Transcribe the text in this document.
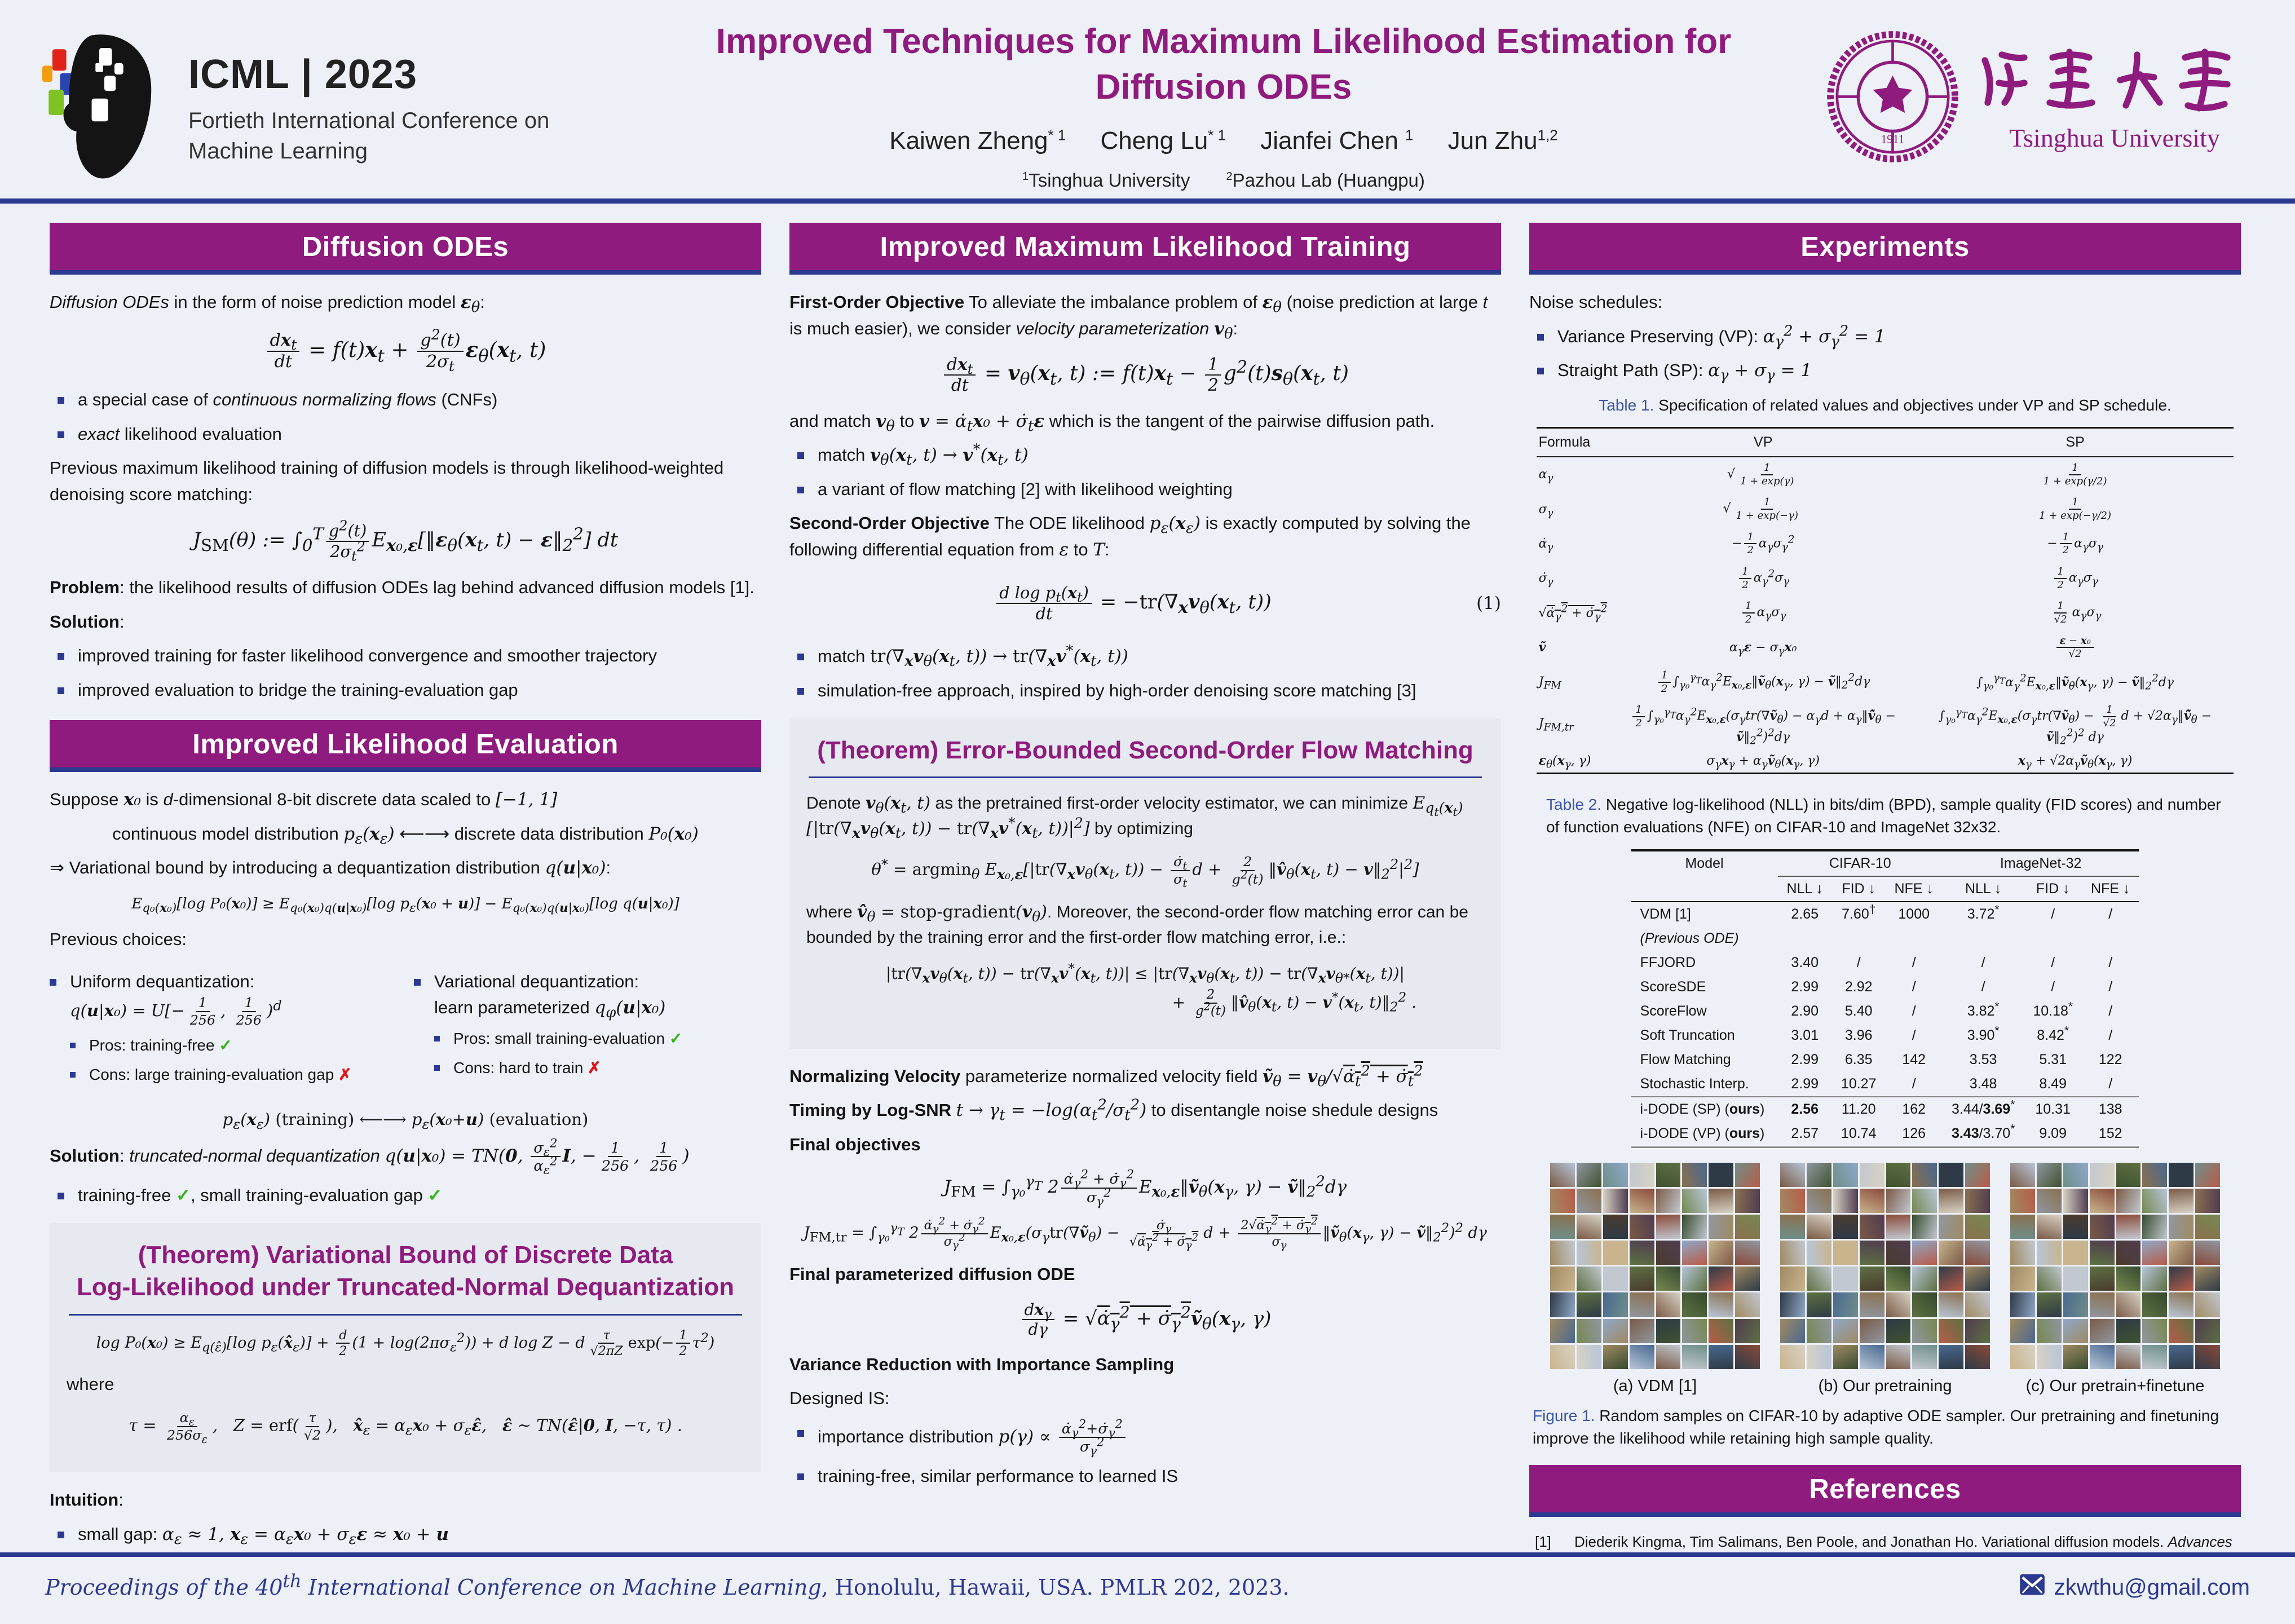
ICML | 2023
Fortieth International Conference on
Machine Learning
Improved Techniques for Maximum Likelihood Estimation for
Diffusion ODEs
Kaiwen Zheng$^{* 1}$     Cheng Lu$^{* 1}$     Jianfei Chen $^1$     Jun Zhu$^{1,2}$
$^1$Tsinghua University       $^2$Pazhou Lab (Huangpu)
1911	Tsinghua University
Diffusion ODEs
Diffusion ODEs in the form of noise prediction model $\varepsilon_\theta$:
$\frac{dx_t}{dt} = f(t)x_t + \frac{g^2(t)}{2\sigma_t} \varepsilon_\theta(x_t$, t)
a special case of continuous normalizing flows (CNFs)
exact likelihood evaluation
Previous maximum likelihood training of diffusion models is through likelihood-weighted denoising score matching:
$J_{SM}(\theta)$ := $\int_0^T \frac{g^2(t)}{2\sigma_t^2}$ $E_{x_0,\varepsilon}[‖\varepsilon_\theta(x_t$, $t) - \varepsilon‖_2^2$] dt
Problem: the likelihood results of diffusion ODEs lag behind advanced diffusion models [1].
Solution:
improved training for faster likelihood convergence and smoother trajectory
improved evaluation to bridge the training-evaluation gap
Improved Likelihood Evaluation
Suppose x₀ is d-dimensional 8-bit discrete data scaled to [−1, 1]
continuous model distribution $p_\varepsilon(x_\varepsilon)$ ⟵⟶ discrete data distribution P₀(x₀)
⇒ Variational bound by introducing a dequantization distribution q(u|x₀):
$E_{q_0(x_0)}[\log$ $P_0(x_0)] \ge E_{q_0(x_0)q(u|x_0)}[\log$ $p_\varepsilon(x_0 + u)] - E_{q_0(x_0)q(u|x_0)}[\log$ q(u|x₀)]
Previous choices:
Uniform dequantization:
$q(u|x_0) = U[- \frac{1}{256}$ , $\frac{1}{256} )^d$
Pros: training-free ✓
Cons: large training-evaluation gap ✗
Variational dequantization:
learn parameterized $q_\varphi(u|x_0)$
Pros: small training-evaluation ✓
Cons: hard to train ✗
$p_\varepsilon(x_\varepsilon)$ (training) ⟵⟶ $p_\varepsilon(x_0+u)$ (evaluation)
Solution: truncated-normal dequantization q(u|x₀) = TN(0, $\frac{\sigma_\varepsilon^2}{\alpha_\varepsilon^2} I$, − $\frac{1}{256}$ , $\frac{1}{256}$ )
training-free ✓, small training-evaluation gap ✓
(Theorem) Variational Bound of Discrete Data
Log-Likelihood under Truncated-Normal Dequantization
$\log P_0(x_0) \ge E_{q(\varepsilon̂)}[\log$ $p_\varepsilon(x̂_\varepsilon)] + \frac{d}{2} (1 + \log(2\pi\sigma_\varepsilon^2)) + d$ log Z − d $\frac{\tau}{√2\pi Z} \exp(- \frac{1}{2} \tau^2)$
where
$\tau = \frac{\alpha_\varepsilon}{256\sigma_\varepsilon}$ ,   $Z = erf( \frac{\tau}{√2}$ ),   $x̂_\varepsilon = \alpha_\varepsilon x_0$ + $\sigma_\varepsilon\varepsilon̂$,   ε̂ ~ TN(ε̂|0, I, −τ, τ) .
Intuition:
small gap: $\alpha_\varepsilon \approx 1$, $x_\varepsilon = \alpha_\varepsilon x_0 + \sigma_\varepsilon\varepsilon \approx x_0 + u$
Improved Maximum Likelihood Training
First-Order Objective To alleviate the imbalance problem of $\varepsilon_\theta$ (noise prediction at large t is much easier), we consider velocity parameterization $v_\theta$:
$\frac{dx_t}{dt} = v_\theta(x_t$, t) := $f(t)x_t - \frac{1}{2} g^2(t)s_\theta(x_t$, t)
and match $v_\theta$ to $v = \alphȧ_tx_0$ + $\sigmȧ_t\varepsilon$ which is the tangent of the pairwise diffusion path.
match $v_\theta(x_t$, $t) \to v^*(x_t$, t)
a variant of flow matching [2] with likelihood weighting
Second-Order Objective The ODE likelihood $p_\varepsilon(x_\varepsilon)$ is exactly computed by solving the following differential equation from ε to T:
$\frac{d \log p_t(x_t)}{dt} = -tr(\nabla_xv_\theta(x_t$, t))	(1)
match $tr(\nabla_xv_\theta(x_t$, $t)) \to tr(\nabla_xv^*(x_t$, t))
simulation-free approach, inspired by high-order denoising score matching [3]
(Theorem) Error-Bounded Second-Order Flow Matching
Denote $v_\theta(x_t$, t) as the pretrained first-order velocity estimator, we can minimize $E_{q_t(x_t)}[|tr(\nabla_xv_\theta(x_t$, $t)) - tr(\nabla_xv^*(x_t$, $t))|^2$] by optimizing
θ* = argmin$_\theta$ $E_{x_0,\varepsilon}[|tr(\nabla_xv_\theta(x_t$, $t)) - \frac{\sigmȧ_t}{\sigma_t}$ $d + \frac{2}{g^2(t)}$ $‖v̂_\theta(x_t$, $t) - v‖_2^2|^2$]
where $v̂_\theta$ = stop-$gradient(v_\theta)$. Moreover, the second-order flow matching error can be bounded by the training error and the first-order flow matching error, i.e.:
$|tr(\nabla_xv_\theta(x_t$, $t)) - tr(\nabla_xv^*(x_t$, $t))| \le |tr(\nabla_xv_\theta(x_t$, $t)) - tr(\nabla_xv_{\theta*}(x_t$, t))|
+ $\frac{2}{g^2(t)}$ $‖v̂_\theta(x_t$, $t) - v^*(x_t$, $t)‖_2^2$ .
Normalizing Velocity parameterize normalized velocity field ṽ$_\theta$ = $v_\theta/√\alphȧ_t^2$ + $\sigmȧ_t^2$
Timing by Log-SNR $t \to \gamma_t = -\log(\alpha_t^2/\sigma_t^2)$ to disentangle noise shedule designs
Final objectives
$J_{FM} = \int_{\gamma_0}^{\gamma_T}$ $2 \frac{\alphȧ_\gamma^2 + \sigmȧ_\gamma^2}{\sigma_\gamma^2}$ $E_{x_0,\varepsilon}‖ṽ_\theta(x_\gamma$, $\gamma) - ṽ‖_2^2d\gamma$
$J_{FM,tr} = \int_{\gamma_0}^{\gamma_T}$ $2 \frac{\alphȧ_\gamma^2 + \sigmȧ_\gamma^2}{\sigma_\gamma^2}$ $E_{x_0,\varepsilon}(\sigma_\gamma tr(\nabla ṽ_\theta) - \frac{\sigmȧ_\gamma}{√\alphȧ_\gamma^2 + \sigmȧ_\gamma^2}$ $d + \frac{2√\alphȧ_\gamma^2 + \sigmȧ_\gamma^2}{\sigma_\gamma}$ $‖ṽ_\theta(x_\gamma$, $\gamma) - ṽ‖_2^2)^2$ dγ
Final parameterized diffusion ODE
$\frac{dx_\gamma}{d\gamma}$ = $√\alphȧ_\gamma^2$ + $\sigmȧ_\gamma^2ṽ_\theta(x_\gamma$, γ)
Variance Reduction with Importance Sampling
Designed IS:
importance distribution $p(\gamma) \propto \frac{\alphȧ_\gamma^2+\sigmȧ_\gamma^2}{\sigma_\gamma^2}$
training-free, similar performance to learned IS
Experiments
Noise schedules:
Variance Preserving (VP): $\alpha_\gamma^2 + \sigma_\gamma^2 = 1$
Straight Path (SP): $\alpha_\gamma + \sigma_\gamma = 1$
Table 1. Specification of related values and objectives under VP and SP schedule.
Formula	VP	SP
$\alpha_\gamma$	√ $\frac{1}{1 + \exp(\gamma)}$	$\frac{1}{1 + \exp(\gamma/2)}$

$\sigma_\gamma$	√ $\frac{1}{1 + \exp(-\gamma)}$	$\frac{1}{1 + \exp(-\gamma/2)}$

$\alphȧ_\gamma$	− $\frac{1}{2} \alpha_\gamma\sigma_\gamma^2$	− $\frac{1}{2} \alpha_\gamma\sigma_\gamma$
$\sigmȧ_\gamma$	$\frac{1}{2} \alpha_\gamma^2\sigma_\gamma$	$\frac{1}{2} \alpha_\gamma\sigma_\gamma$
$√\alphȧ_\gamma^2$ + $\sigmȧ_\gamma^2$	$\frac{1}{2} \alpha_\gamma\sigma_\gamma$	$\frac{1}{√2} \alpha_\gamma\sigma_\gamma$
ṽ	$\alpha_\gamma\varepsilon - \sigma_\gamma x_0$	$\frac{\text{ε − x₀}}{√2}$

$J_{FM}$	$\frac{1}{2}$ $\int_{\gamma_0}^{\gamma_T}\alpha_\gamma^2E_{x_0,\varepsilon}‖ṽ_\theta(x_\gamma$, $\gamma) - ṽ‖_2^2d\gamma$	$\int_{\gamma_0}^{\gamma_T}\alpha_\gamma^2E_{x_0,\varepsilon}‖ṽ_\theta(x_\gamma$, $\gamma) - ṽ‖_2^2d\gamma$
$J_{FM,tr}$	$\frac{1}{2}$ $\int_{\gamma_0}^{\gamma_T}\alpha_\gamma^2E_{x_0,\varepsilon}(\sigma_\gamma tr(\nabla ṽ_\theta) - \alpha_\gamma d$ + $\alpha_\gamma‖v̂̃_\theta$ − $ṽ‖_2^2)^2d\gamma$	$\int_{\gamma_0}^{\gamma_T}\alpha_\gamma^2E_{x_0,\varepsilon}(\sigma_\gamma tr(\nabla ṽ_\theta) - \frac{1}{√2}$ $d + √2\alpha_\gamma‖v̂̃_\theta$ − $ṽ‖_2^2)^2$ dγ
$\varepsilon_\theta(x_\gamma$, γ)	$\sigma_\gamma x_\gamma$ + $\alpha_\gamma ṽ_\theta(x_\gamma$, γ)	$x_\gamma$ + $√2\alpha_\gamma ṽ_\theta(x_\gamma$, γ)
Table 2. Negative log-likelihood (NLL) in bits/dim (BPD), sample quality (FID scores) and number of function evaluations (NFE) on CIFAR-10 and ImageNet 32x32.
Model	CIFAR-10			ImageNet-32		
	NLL ↓	FID ↓	NFE ↓	NLL ↓	FID ↓	NFE ↓
VDM [1]	2.65	7.60†	1000	3.72*	/	/
(Previous ODE)						
FFJORD	3.40	/	/	/	/	/
ScoreSDE	2.99	2.92	/	/	/	/
ScoreFlow	2.90	5.40	/	3.82*	10.18*	/
Soft Truncation	3.01	3.96	/	3.90*	8.42*	/
Flow Matching	2.99	6.35	142	3.53	5.31	122
Stochastic Interp.	2.99	10.27	/	3.48	8.49	/
i-DODE (SP) (ours)	2.56	11.20	162	3.44/3.69*	10.31	138
i-DODE (VP) (ours)	2.57	10.74	126	3.43/3.70*	9.09	152
(a) VDM [1]	(b) Our pretraining	(c) Our pretrain+finetune
Figure 1. Random samples on CIFAR-10 by adaptive ODE sampler. Our pretraining and finetuning improve the likelihood while retaining high sample quality.
References
[1]	Diederik Kingma, Tim Salimans, Ben Poole, and Jonathan Ho. Variational diffusion models. Advances
Proceedings of the 40th International Conference on Machine Learning, Honolulu, Hawaii, USA. PMLR 202, 2023.	zkwthu@gmail.com
